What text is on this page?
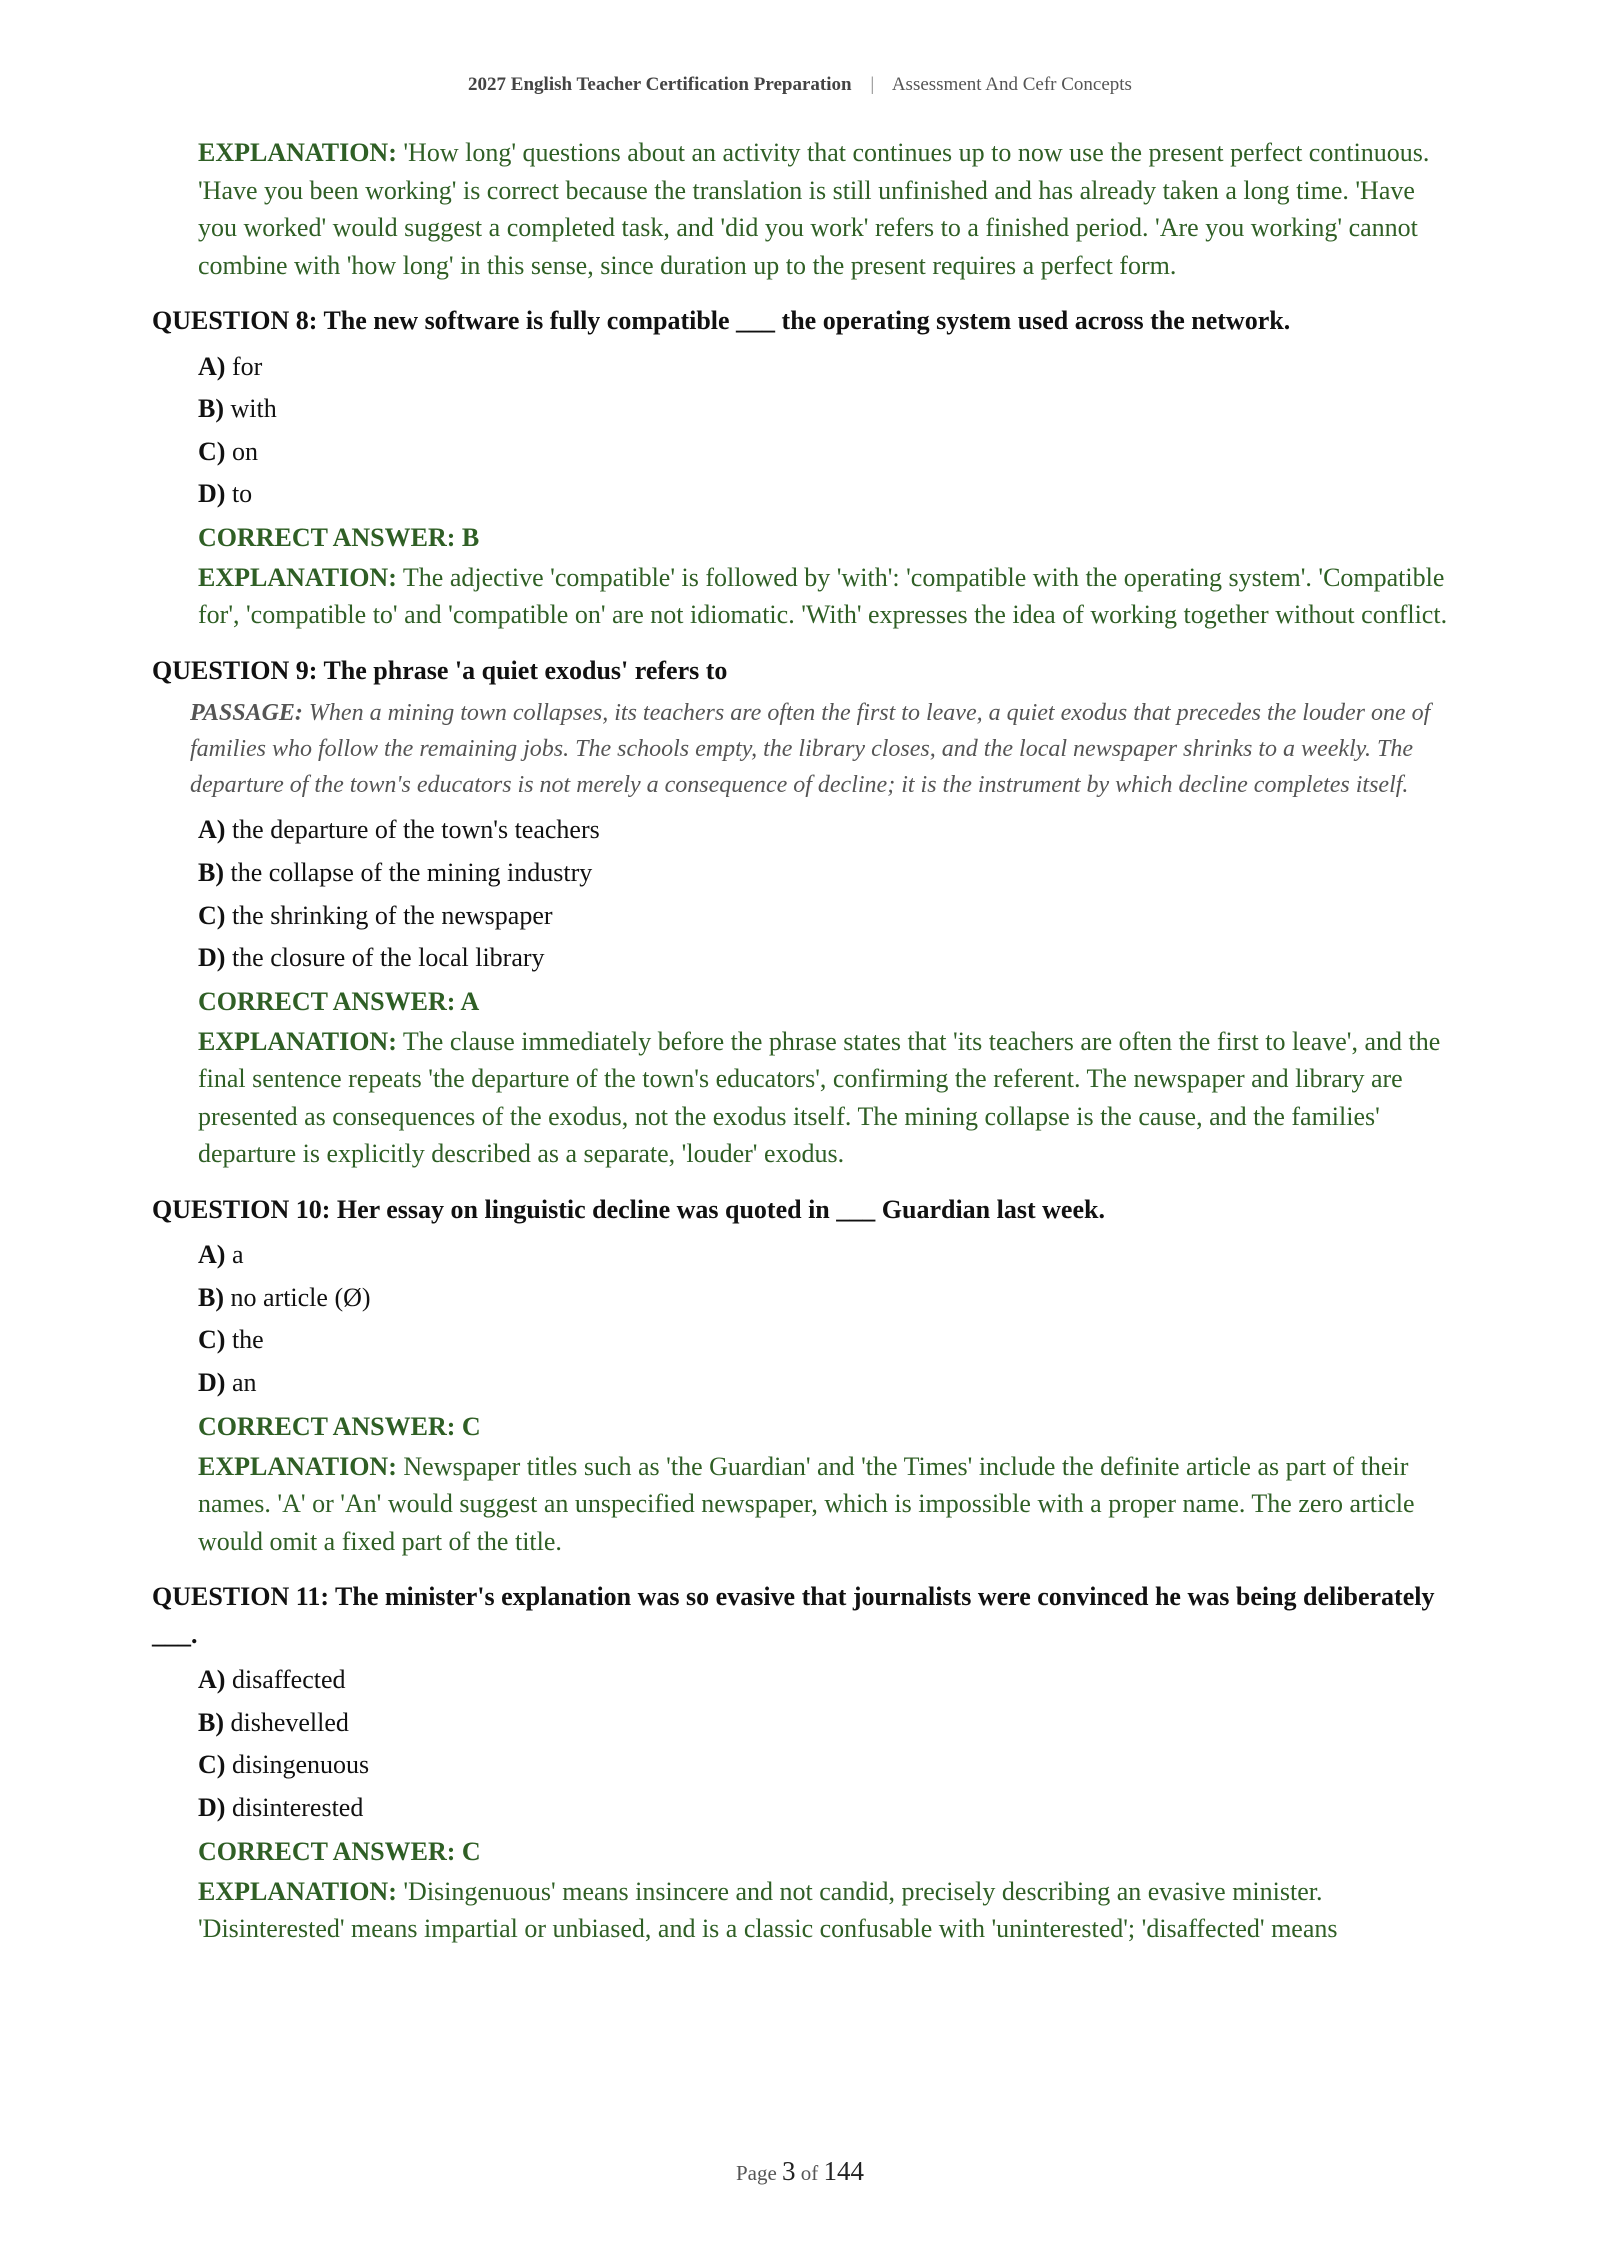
2027 English Teacher Certification Preparation | Assessment And Cefr Concepts
EXPLANATION: 'How long' questions about an activity that continues up to now use the present perfect continuous. 'Have you been working' is correct because the translation is still unfinished and has already taken a long time. 'Have you worked' would suggest a completed task, and 'did you work' refers to a finished period. 'Are you working' cannot combine with 'how long' in this sense, since duration up to the present requires a perfect form.
QUESTION 8: The new software is fully compatible ___ the operating system used across the network.
A) for
B) with
C) on
D) to
CORRECT ANSWER: B
EXPLANATION: The adjective 'compatible' is followed by 'with': 'compatible with the operating system'. 'Compatible for', 'compatible to' and 'compatible on' are not idiomatic. 'With' expresses the idea of working together without conflict.
QUESTION 9: The phrase 'a quiet exodus' refers to
PASSAGE: When a mining town collapses, its teachers are often the first to leave, a quiet exodus that precedes the louder one of families who follow the remaining jobs. The schools empty, the library closes, and the local newspaper shrinks to a weekly. The departure of the town's educators is not merely a consequence of decline; it is the instrument by which decline completes itself.
A) the departure of the town's teachers
B) the collapse of the mining industry
C) the shrinking of the newspaper
D) the closure of the local library
CORRECT ANSWER: A
EXPLANATION: The clause immediately before the phrase states that 'its teachers are often the first to leave', and the final sentence repeats 'the departure of the town's educators', confirming the referent. The newspaper and library are presented as consequences of the exodus, not the exodus itself. The mining collapse is the cause, and the families' departure is explicitly described as a separate, 'louder' exodus.
QUESTION 10: Her essay on linguistic decline was quoted in ___ Guardian last week.
A) a
B) no article (Ø)
C) the
D) an
CORRECT ANSWER: C
EXPLANATION: Newspaper titles such as 'the Guardian' and 'the Times' include the definite article as part of their names. 'A' or 'An' would suggest an unspecified newspaper, which is impossible with a proper name. The zero article would omit a fixed part of the title.
QUESTION 11: The minister's explanation was so evasive that journalists were convinced he was being deliberately ___.
A) disaffected
B) dishevelled
C) disingenuous
D) disinterested
CORRECT ANSWER: C
EXPLANATION: 'Disingenuous' means insincere and not candid, precisely describing an evasive minister. 'Disinterested' means impartial or unbiased, and is a classic confusable with 'uninterested'; 'disaffected' means
Page 3 of 144
